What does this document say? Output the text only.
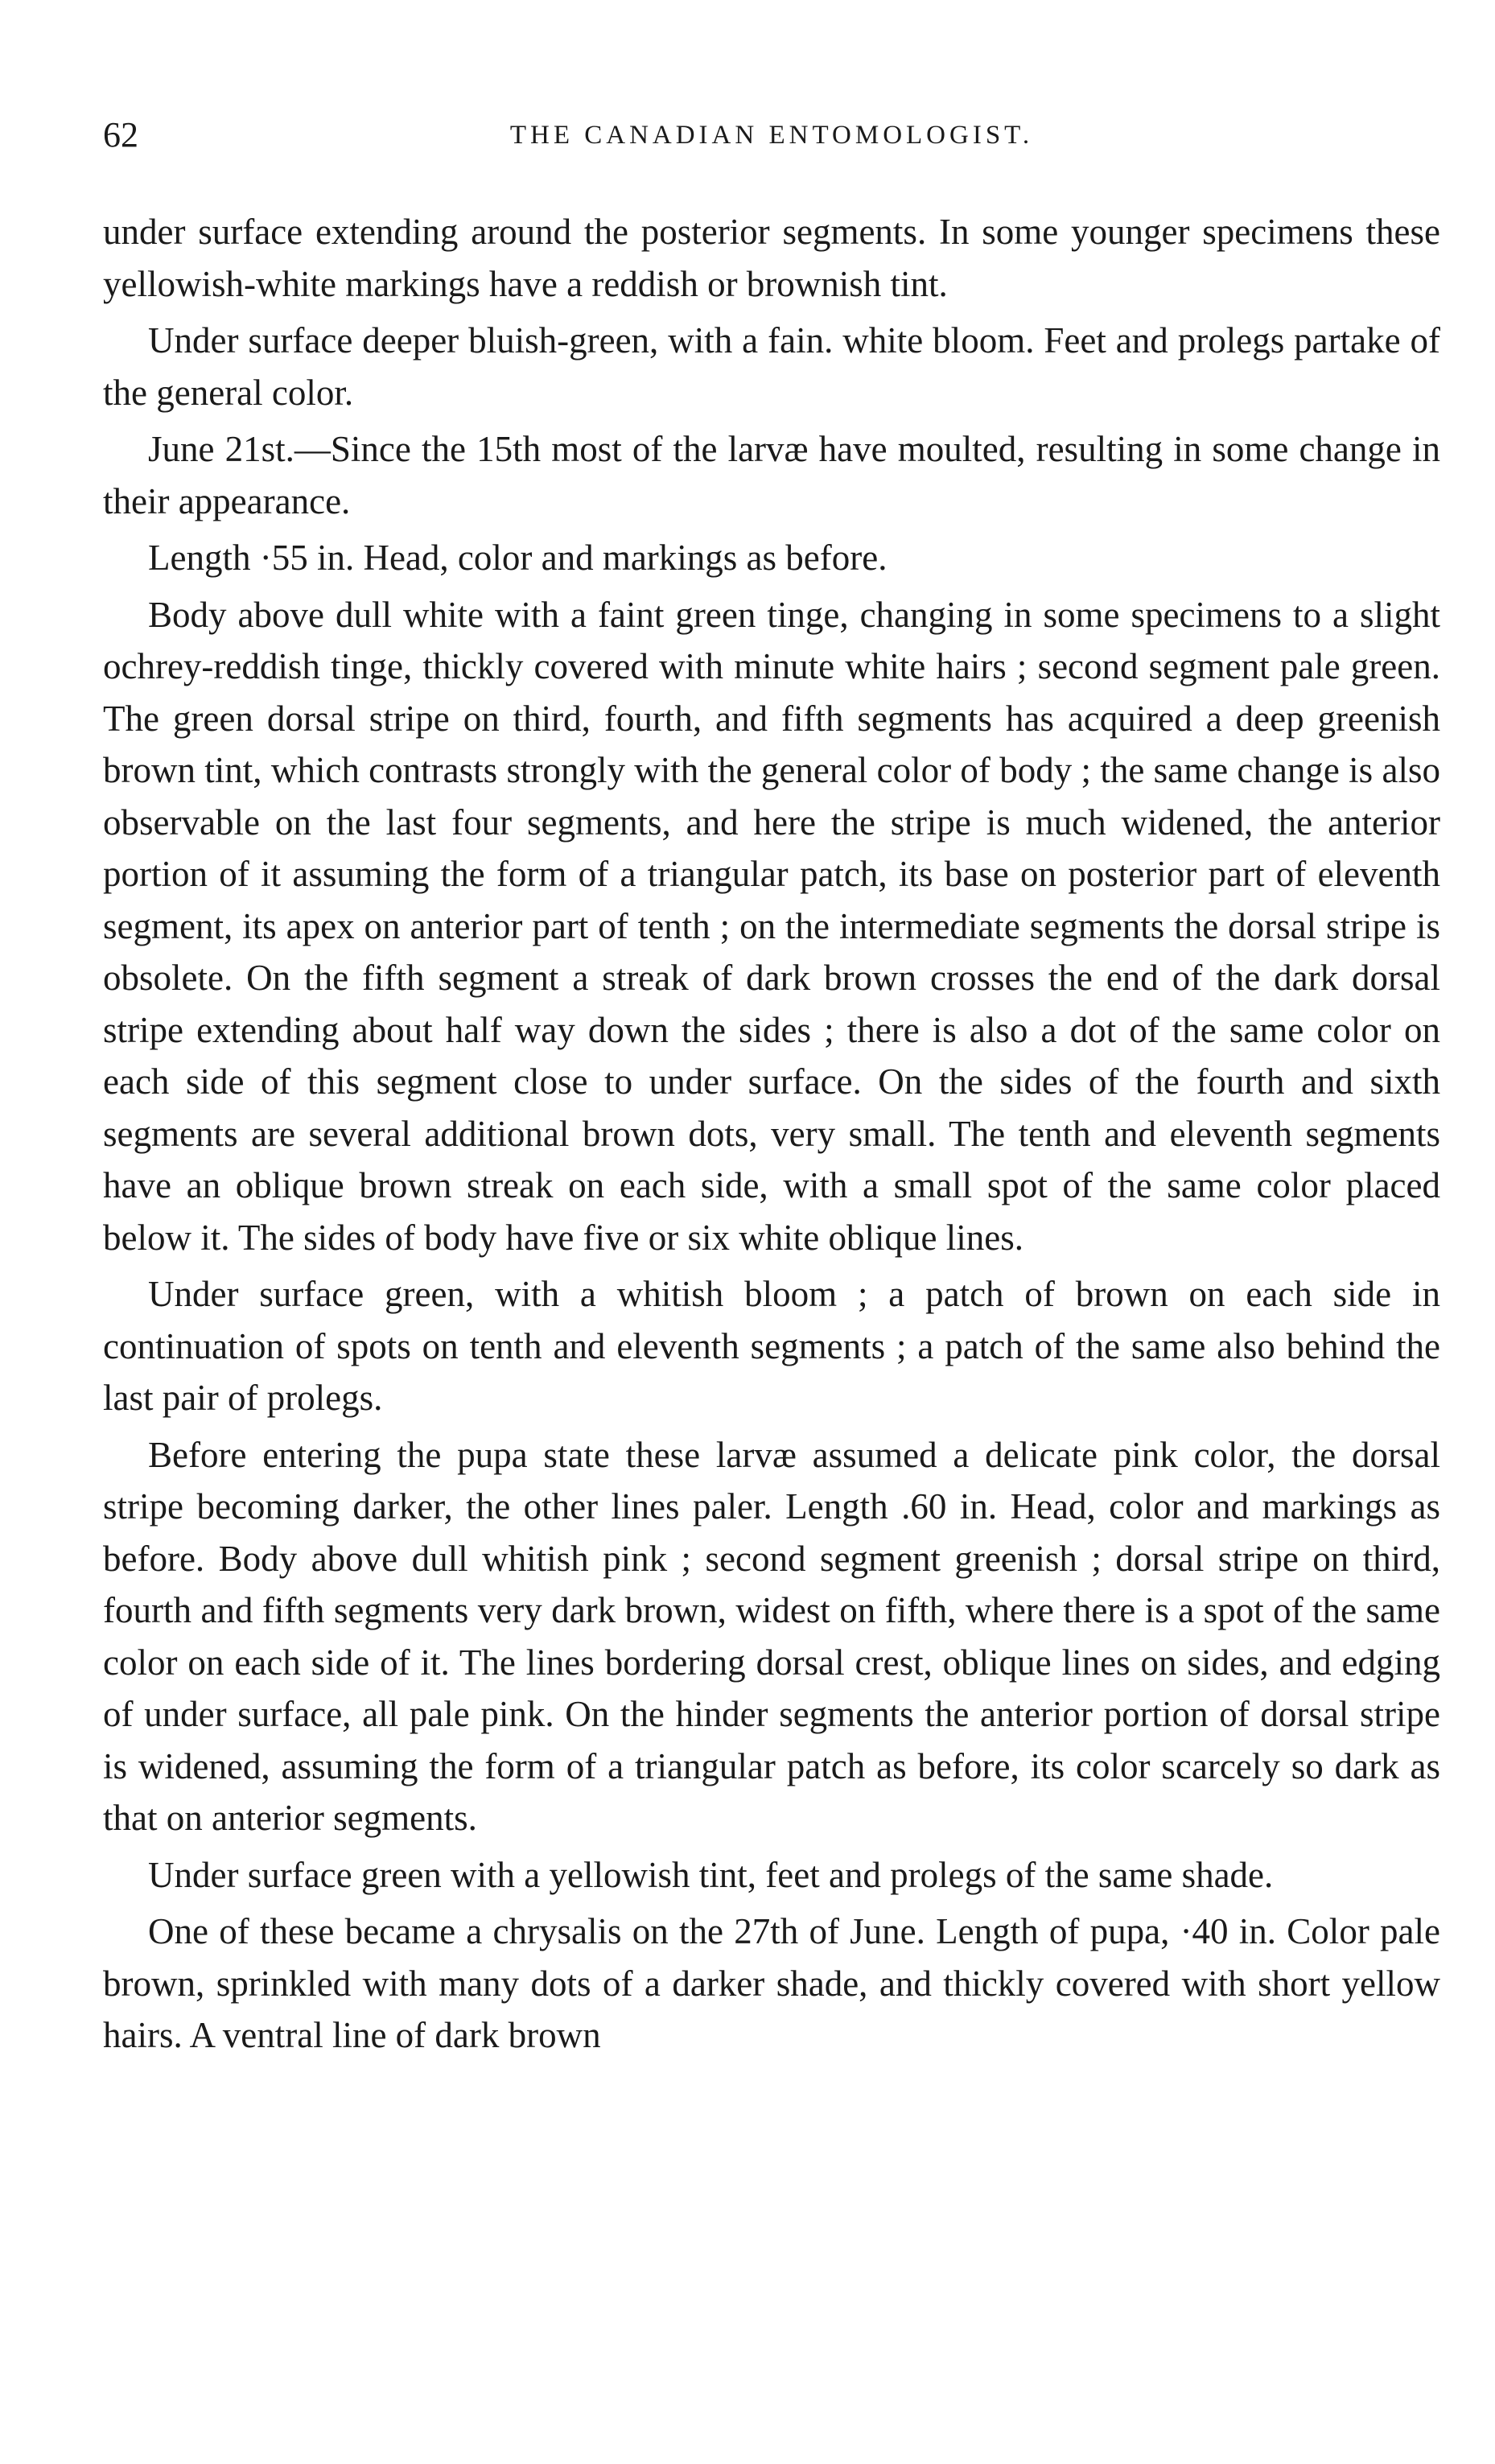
62	THE CANADIAN ENTOMOLOGIST.

under surface extending around the posterior segments. In some younger specimens these yellowish-white markings have a reddish or brownish tint.

Under surface deeper bluish-green, with a fain. white bloom. Feet and prolegs partake of the general color.

June 21st.—Since the 15th most of the larvæ have moulted, resulting in some change in their appearance.

Length ·55 in. Head, color and markings as before.

Body above dull white with a faint green tinge, changing in some specimens to a slight ochrey-reddish tinge, thickly covered with minute white hairs ; second segment pale green. The green dorsal stripe on third, fourth, and fifth segments has acquired a deep greenish brown tint, which contrasts strongly with the general color of body ; the same change is also observable on the last four segments, and here the stripe is much widened, the anterior portion of it assuming the form of a triangular patch, its base on posterior part of eleventh segment, its apex on anterior part of tenth ; on the intermediate segments the dorsal stripe is obsolete. On the fifth segment a streak of dark brown crosses the end of the dark dorsal stripe extending about half way down the sides ; there is also a dot of the same color on each side of this segment close to under surface. On the sides of the fourth and sixth segments are several additional brown dots, very small. The tenth and eleventh segments have an oblique brown streak on each side, with a small spot of the same color placed below it. The sides of body have five or six white oblique lines.

Under surface green, with a whitish bloom ; a patch of brown on each side in continuation of spots on tenth and eleventh segments ; a patch of the same also behind the last pair of prolegs.

Before entering the pupa state these larvæ assumed a delicate pink color, the dorsal stripe becoming darker, the other lines paler. Length .60 in. Head, color and markings as before. Body above dull whitish pink ; second segment greenish ; dorsal stripe on third, fourth and fifth segments very dark brown, widest on fifth, where there is a spot of the same color on each side of it. The lines bordering dorsal crest, oblique lines on sides, and edging of under surface, all pale pink. On the hinder segments the anterior portion of dorsal stripe is widened, assuming the form of a triangular patch as before, its color scarcely so dark as that on anterior segments.

Under surface green with a yellowish tint, feet and prolegs of the same shade.

One of these became a chrysalis on the 27th of June. Length of pupa, ·40 in. Color pale brown, sprinkled with many dots of a darker shade, and thickly covered with short yellow hairs. A ventral line of dark brown
